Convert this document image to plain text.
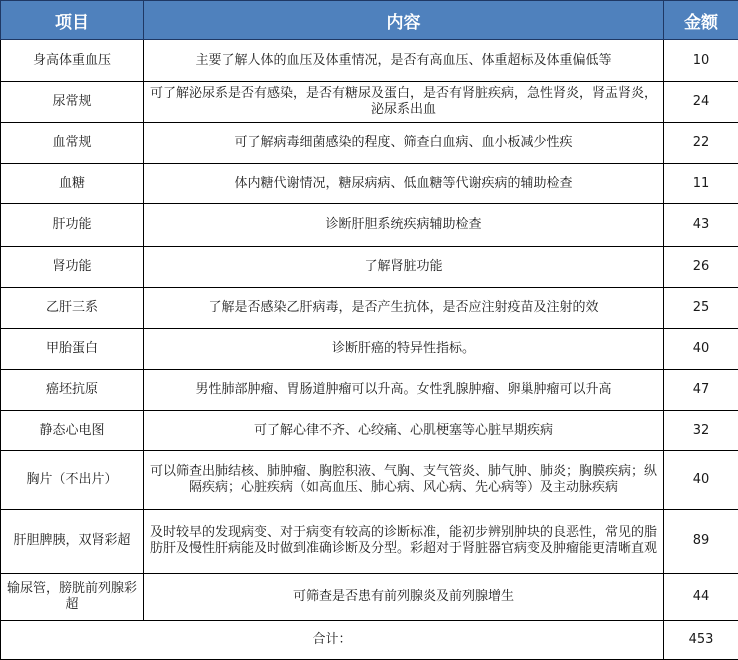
项目	内容	金额
身高体重血压	主要了解人体的血压及体重情况，是否有高血压、体重超标及体重偏低等	10
尿常规	可了解泌尿系是否有感染，是否有糖尿及蛋白，是否有肾脏疾病，急性肾炎，肾盂肾炎，泌尿系出血	24
血常规	可了解病毒细菌感染的程度、筛查白血病、血小板减少性疾	22
血糖	体内糖代谢情况，糖尿病病、低血糖等代谢疾病的辅助检查	11
肝功能	诊断肝胆系统疾病辅助检查	43
肾功能	了解肾脏功能	26
乙肝三系	了解是否感染乙肝病毒，是否产生抗体，是否应注射疫苗及注射的效	25
甲胎蛋白	诊断肝癌的特异性指标。	40
癌坯抗原	男性肺部肿瘤、胃肠道肿瘤可以升高。女性乳腺肿瘤、卵巢肿瘤可以升高	47
静态心电图	可了解心律不齐、心绞痛、心肌梗塞等心脏早期疾病	32
胸片（不出片）	可以筛查出肺结核、肺肿瘤、胸腔积液、气胸、支气管炎、肺气肿、肺炎；胸膜疾病；纵隔疾病；心脏疾病（如高血压、肺心病、风心病、先心病等）及主动脉疾病	40
肝胆脾胰，双肾彩超	及时较早的发现病变、对于病变有较高的诊断标准，能初步辨别肿块的良恶性，常见的脂肪肝及慢性肝病能及时做到准确诊断及分型。彩超对于肾脏器官病变及肿瘤能更清晰直观	89
输尿管，膀胱前列腺彩超	可筛查是否患有前列腺炎及前列腺增生	44
合计：		453
